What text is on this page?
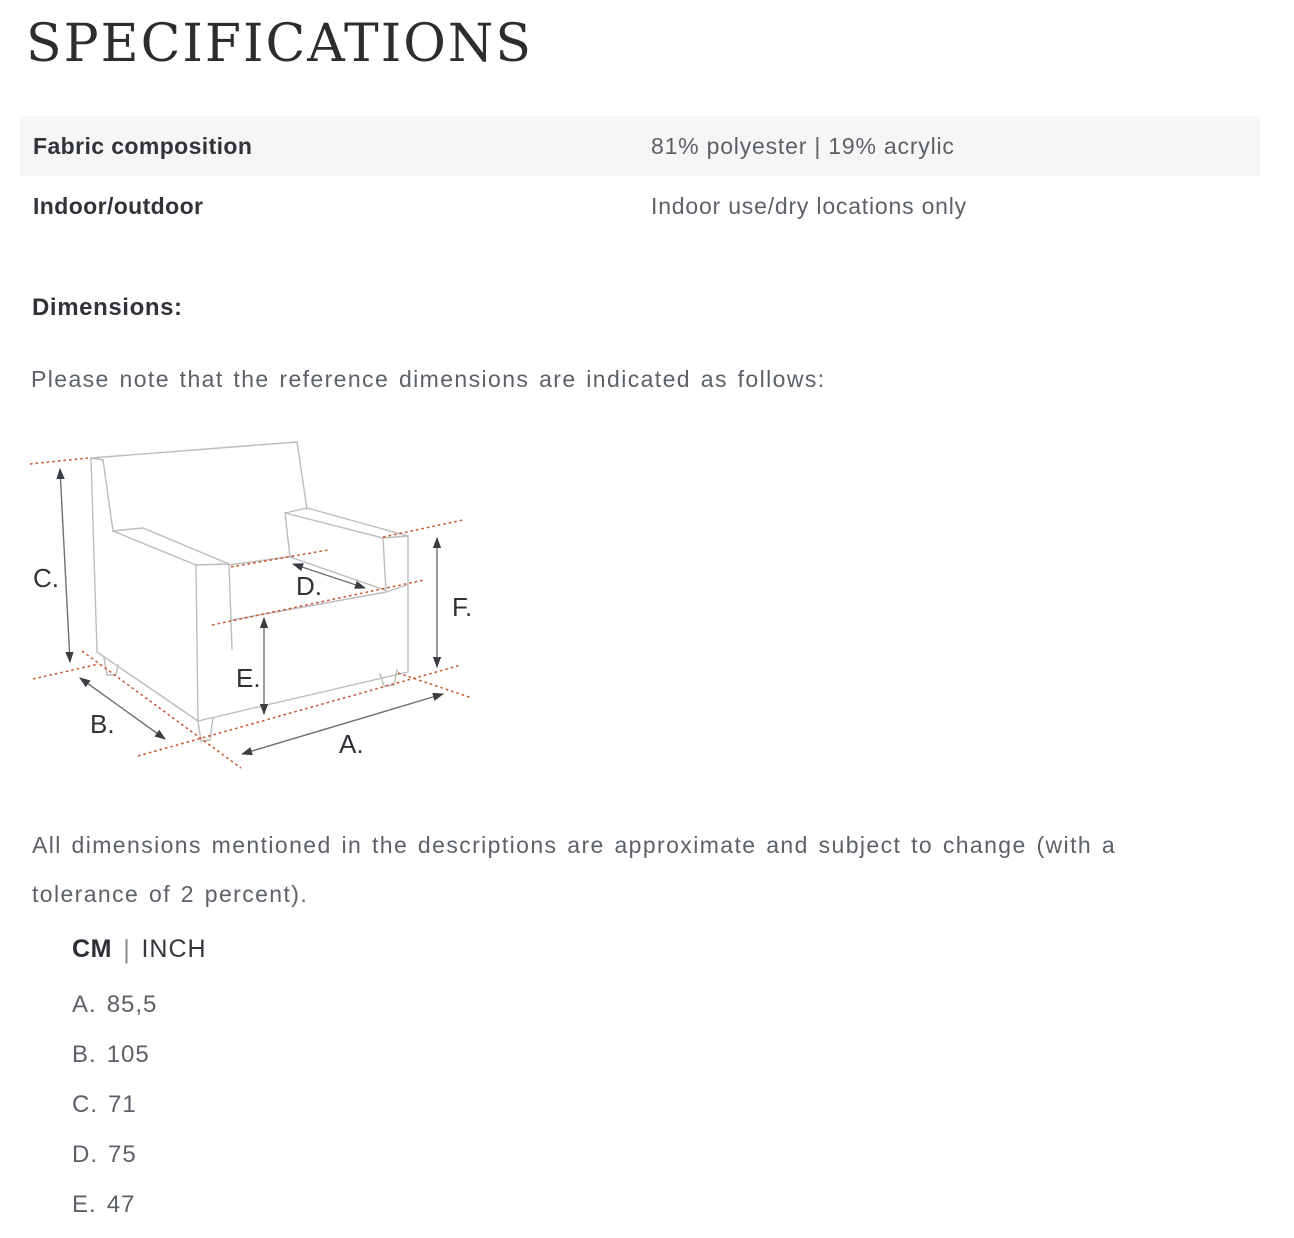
SPECIFICATIONS
Fabric composition	81% polyester | 19% acrylic
Indoor/outdoor	Indoor use/dry locations only
Dimensions:
Please note that the reference dimensions are indicated as follows:
C.
B.
A.
D.
E.
F.
All dimensions mentioned in the descriptions are approximate and subject to change (with a
tolerance of 2 percent).
CM | INCH
A. 85,5
B. 105
C. 71
D. 75
E. 47
